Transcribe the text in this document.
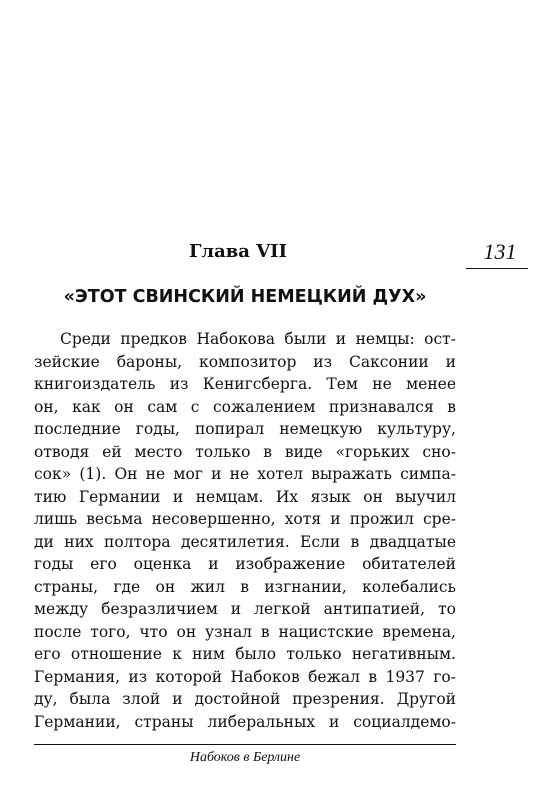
Глава VII	131
«ЭТОТ СВИНСКИЙ НЕМЕЦКИЙ ДУХ»
Среди предков Набокова были и немцы: ост-
зейские бароны, композитор из Саксонии и
книгоиздатель из Кенигсберга. Тем не менее
он, как он сам с сожалением признавался в
последние годы, попирал немецкую культуру,
отводя ей место только в виде «горьких сно-
сок» (1). Он не мог и не хотел выражать симпа-
тию Германии и немцам. Их язык он выучил
лишь весьма несовершенно, хотя и прожил сре-
ди них полтора десятилетия. Если в двадцатые
годы его оценка и изображение обитателей
страны, где он жил в изгнании, колебались
между безразличием и легкой антипатией, то
после того, что он узнал в нацистские времена,
его отношение к ним было только негативным.
Германия, из которой Набоков бежал в 1937 го-
ду, была злой и достойной презрения. Другой
Германии, страны либеральных и социалдемо-
Набоков в Берлине
